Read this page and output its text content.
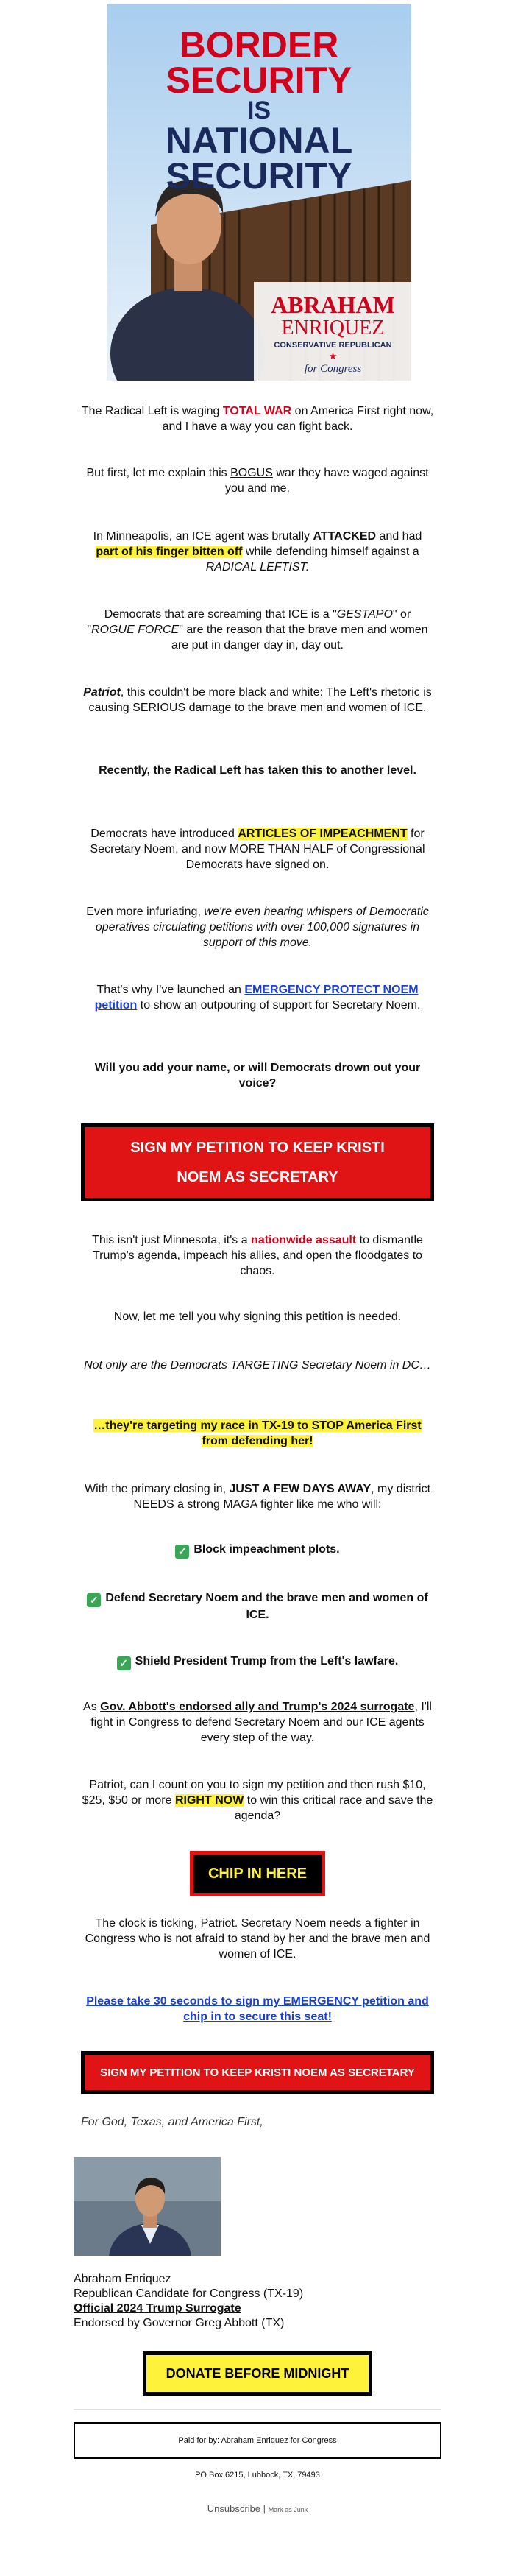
BORDER
SECURITY
IS
NATIONAL
SECURITY
ABRAHAM
ENRIQUEZ
CONSERVATIVE REPUBLICAN
★
for Congress

The Radical Left is waging TOTAL WAR on America First right now, and I have a way you can fight back.

But first, let me explain this BOGUS war they have waged against you and me.

In Minneapolis, an ICE agent was brutally ATTACKED and had part of his finger bitten off while defending himself against a RADICAL LEFTIST.

Democrats that are screaming that ICE is a "GESTAPO" or "ROGUE FORCE" are the reason that the brave men and women are put in danger day in, day out.

Patriot, this couldn't be more black and white: The Left's rhetoric is causing SERIOUS damage to the brave men and women of ICE.

Recently, the Radical Left has taken this to another level.

Democrats have introduced ARTICLES OF IMPEACHMENT for Secretary Noem, and now MORE THAN HALF of Congressional Democrats have signed on.

Even more infuriating, we're even hearing whispers of Democratic operatives circulating petitions with over 100,000 signatures in support of this move.

That's why I've launched an EMERGENCY PROTECT NOEM petition to show an outpouring of support for Secretary Noem.

Will you add your name, or will Democrats drown out your voice?

SIGN MY PETITION TO KEEP KRISTI NOEM AS SECRETARY

This isn't just Minnesota, it's a nationwide assault to dismantle Trump's agenda, impeach his allies, and open the floodgates to chaos.

Now, let me tell you why signing this petition is needed.

Not only are the Democrats TARGETING Secretary Noem in DC…

…they're targeting my race in TX-19 to STOP America First from defending her!

With the primary closing in, JUST A FEW DAYS AWAY, my district NEEDS a strong MAGA fighter like me who will:

✓ Block impeachment plots.

✓ Defend Secretary Noem and the brave men and women of ICE.

✓ Shield President Trump from the Left's lawfare.

As Gov. Abbott's endorsed ally and Trump's 2024 surrogate, I'll fight in Congress to defend Secretary Noem and our ICE agents every step of the way.

Patriot, can I count on you to sign my petition and then rush $10, $25, $50 or more RIGHT NOW to win this critical race and save the agenda?

CHIP IN HERE

The clock is ticking, Patriot. Secretary Noem needs a fighter in Congress who is not afraid to stand by her and the brave men and women of ICE.

Please take 30 seconds to sign my EMERGENCY petition and chip in to secure this seat!

SIGN MY PETITION TO KEEP KRISTI NOEM AS SECRETARY
For God, Texas, and America First,
Abraham Enriquez
Republican Candidate for Congress (TX-19)
Official 2024 Trump Surrogate
Endorsed by Governor Greg Abbott (TX)
DONATE BEFORE MIDNIGHT
Paid for by: Abraham Enriquez for Congress
PO Box 6215, Lubbock, TX, 79493
Unsubscribe | Mark as Junk
